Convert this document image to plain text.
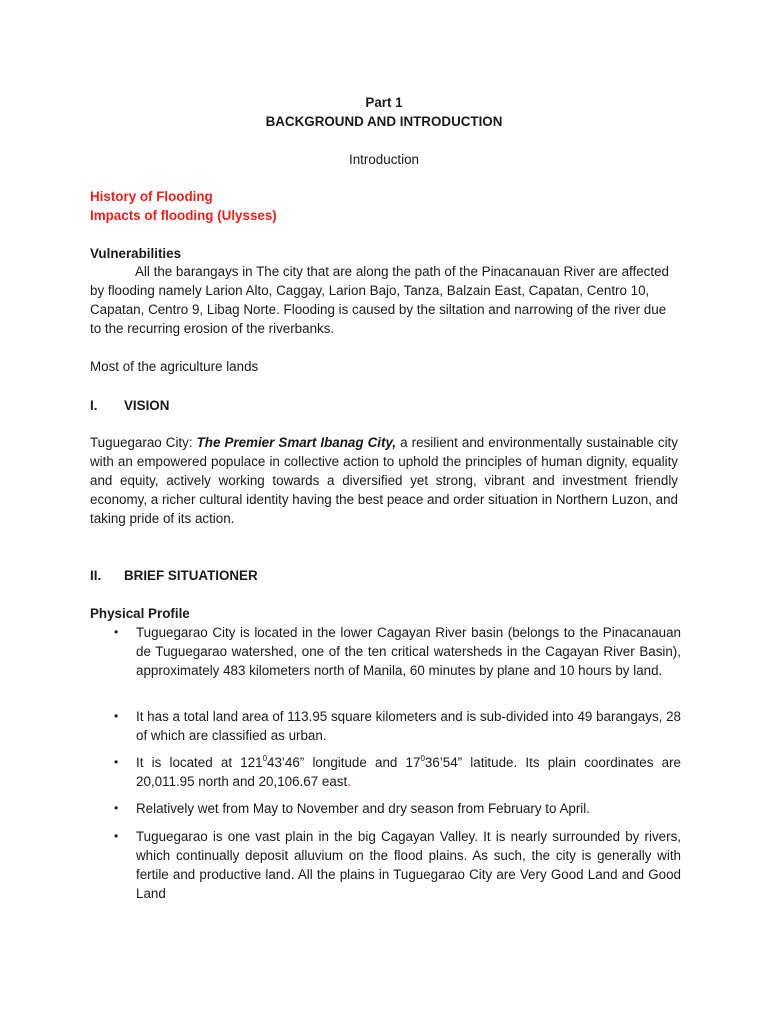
Part 1
BACKGROUND AND INTRODUCTION
Introduction
History of Flooding
Impacts of flooding (Ulysses)
Vulnerabilities
All the barangays in The city that are along the path of the Pinacanauan River are affected by flooding namely Larion Alto, Caggay, Larion Bajo, Tanza, Balzain East, Capatan, Centro 10, Capatan, Centro 9, Libag Norte. Flooding is caused by the siltation and narrowing of the river due to the recurring erosion of the riverbanks.
Most of the agriculture lands
I. VISION
Tuguegarao City: The Premier Smart Ibanag City, a resilient and environmentally sustainable city with an empowered populace in collective action to uphold the principles of human dignity, equality and equity, actively working towards a diversified yet strong, vibrant and investment friendly economy, a richer cultural identity having the best peace and order situation in Northern Luzon, and taking pride of its action.
II. BRIEF SITUATIONER
Physical Profile
•	Tuguegarao City is located in the lower Cagayan River basin (belongs to the Pinacanauan de Tuguegarao watershed, one of the ten critical watersheds in the Cagayan River Basin), approximately 483 kilometers north of Manila, 60 minutes by plane and 10 hours by land.
•	It has a total land area of 113.95 square kilometers and is sub-divided into 49 barangays, 28 of which are classified as urban.
•	It is located at $121^043’46$” longitude and $17^036’54$” latitude. Its plain coordinates are 20,011.95 north and 20,106.67 east.
•	Relatively wet from May to November and dry season from February to April.
•	Tuguegarao is one vast plain in the big Cagayan Valley. It is nearly surrounded by rivers, which continually deposit alluvium on the flood plains. As such, the city is generally with fertile and productive land. All the plains in Tuguegarao City are Very Good Land and Good Land
